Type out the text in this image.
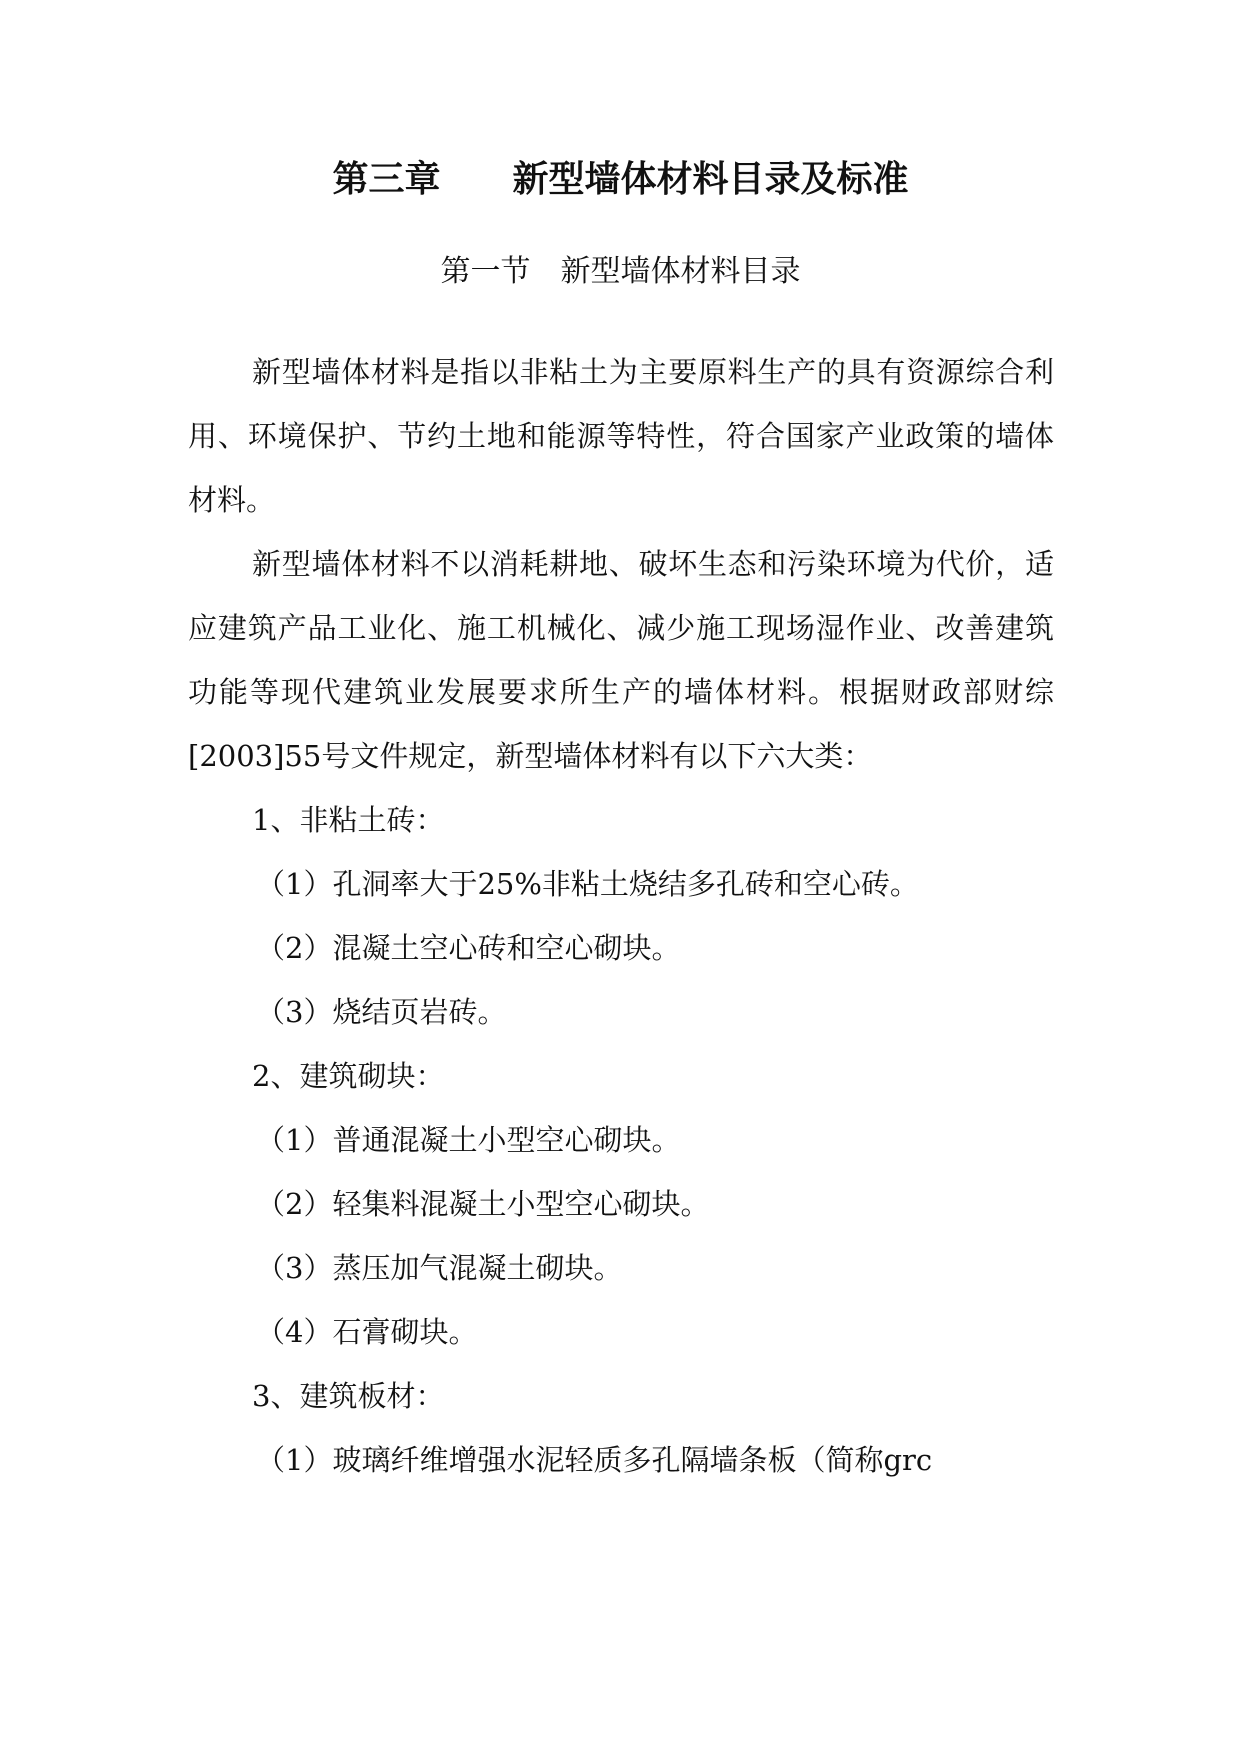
第三章　　新型墙体材料目录及标准
第一节　新型墙体材料目录

新型墙体材料是指以非粘土为主要原料生产的具有资源综合利用、环境保护、节约土地和能源等特性，符合国家产业政策的墙体材料。

新型墙体材料不以消耗耕地、破坏生态和污染环境为代价，适应建筑产品工业化、施工机械化、减少施工现场湿作业、改善建筑功能等现代建筑业发展要求所生产的墙体材料。根据财政部财综[2003]55号文件规定，新型墙体材料有以下六大类：

1、非粘土砖：

（1）孔洞率大于25%非粘土烧结多孔砖和空心砖。

（2）混凝土空心砖和空心砌块。

（3）烧结页岩砖。

2、建筑砌块：

（1）普通混凝土小型空心砌块。

（2）轻集料混凝土小型空心砌块。

（3）蒸压加气混凝土砌块。

（4）石膏砌块。

3、建筑板材：

（1）玻璃纤维增强水泥轻质多孔隔墙条板（简称grc
